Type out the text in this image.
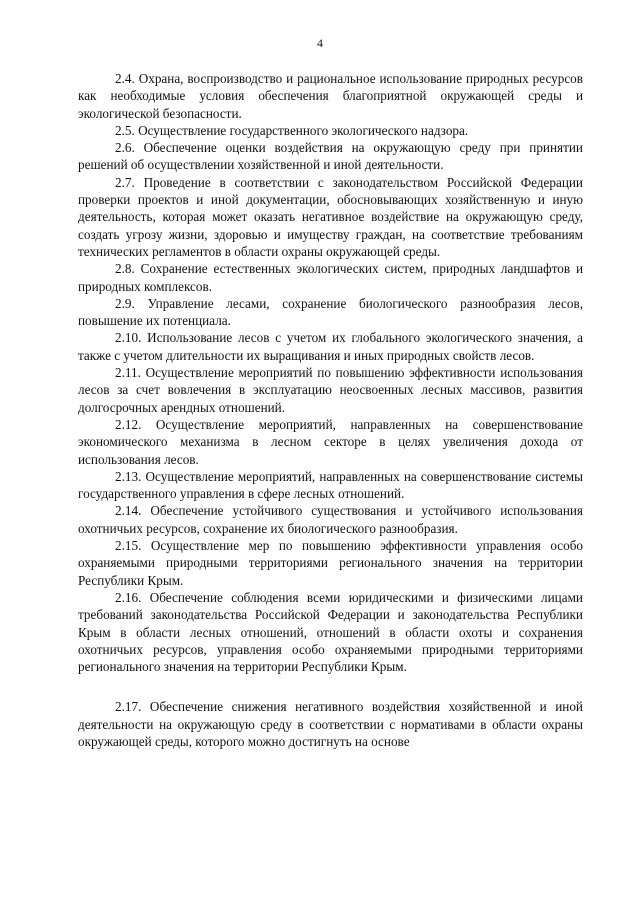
4

2.4. Охрана, воспроизводство и рациональное использование природных ресурсов как необходимые условия обеспечения благоприятной окружающей среды и экологической безопасности.

2.5. Осуществление государственного экологического надзора.

2.6. Обеспечение оценки воздействия на окружающую среду при принятии решений об осуществлении хозяйственной и иной деятельности.

2.7. Проведение в соответствии с законодательством Российской Федерации проверки проектов и иной документации, обосновывающих хозяйственную и иную деятельность, которая может оказать негативное воздействие на окружающую среду, создать угрозу жизни, здоровью и имуществу граждан, на соответствие требованиям технических регламентов в области охраны окружающей среды.

2.8. Сохранение естественных экологических систем, природных ландшафтов и природных комплексов.

2.9. Управление лесами, сохранение биологического разнообразия лесов, повышение их потенциала.

2.10. Использование лесов с учетом их глобального экологического значения, а также с учетом длительности их выращивания и иных природных свойств лесов.

2.11. Осуществление мероприятий по повышению эффективности использования лесов за счет вовлечения в эксплуатацию неосвоенных лесных массивов, развития долгосрочных арендных отношений.

2.12. Осуществление мероприятий, направленных на совершенствование экономического механизма в лесном секторе в целях увеличения дохода от использования лесов.

2.13. Осуществление мероприятий, направленных на совершенствование системы государственного управления в сфере лесных отношений.

2.14. Обеспечение устойчивого существования и устойчивого использования охотничьих ресурсов, сохранение их биологического разнообразия.

2.15. Осуществление мер по повышению эффективности управления особо охраняемыми природными территориями регионального значения на территории Республики Крым.

2.16. Обеспечение соблюдения всеми юридическими и физическими лицами требований законодательства Российской Федерации и законодательства Республики Крым в области лесных отношений, отношений в области охоты и сохранения охотничьих ресурсов, управления особо охраняемыми природными территориями регионального значения на территории Республики Крым.

2.17. Обеспечение снижения негативного воздействия хозяйственной и иной деятельности на окружающую среду в соответствии с нормативами в области охраны окружающей среды, которого можно достигнуть на основе
